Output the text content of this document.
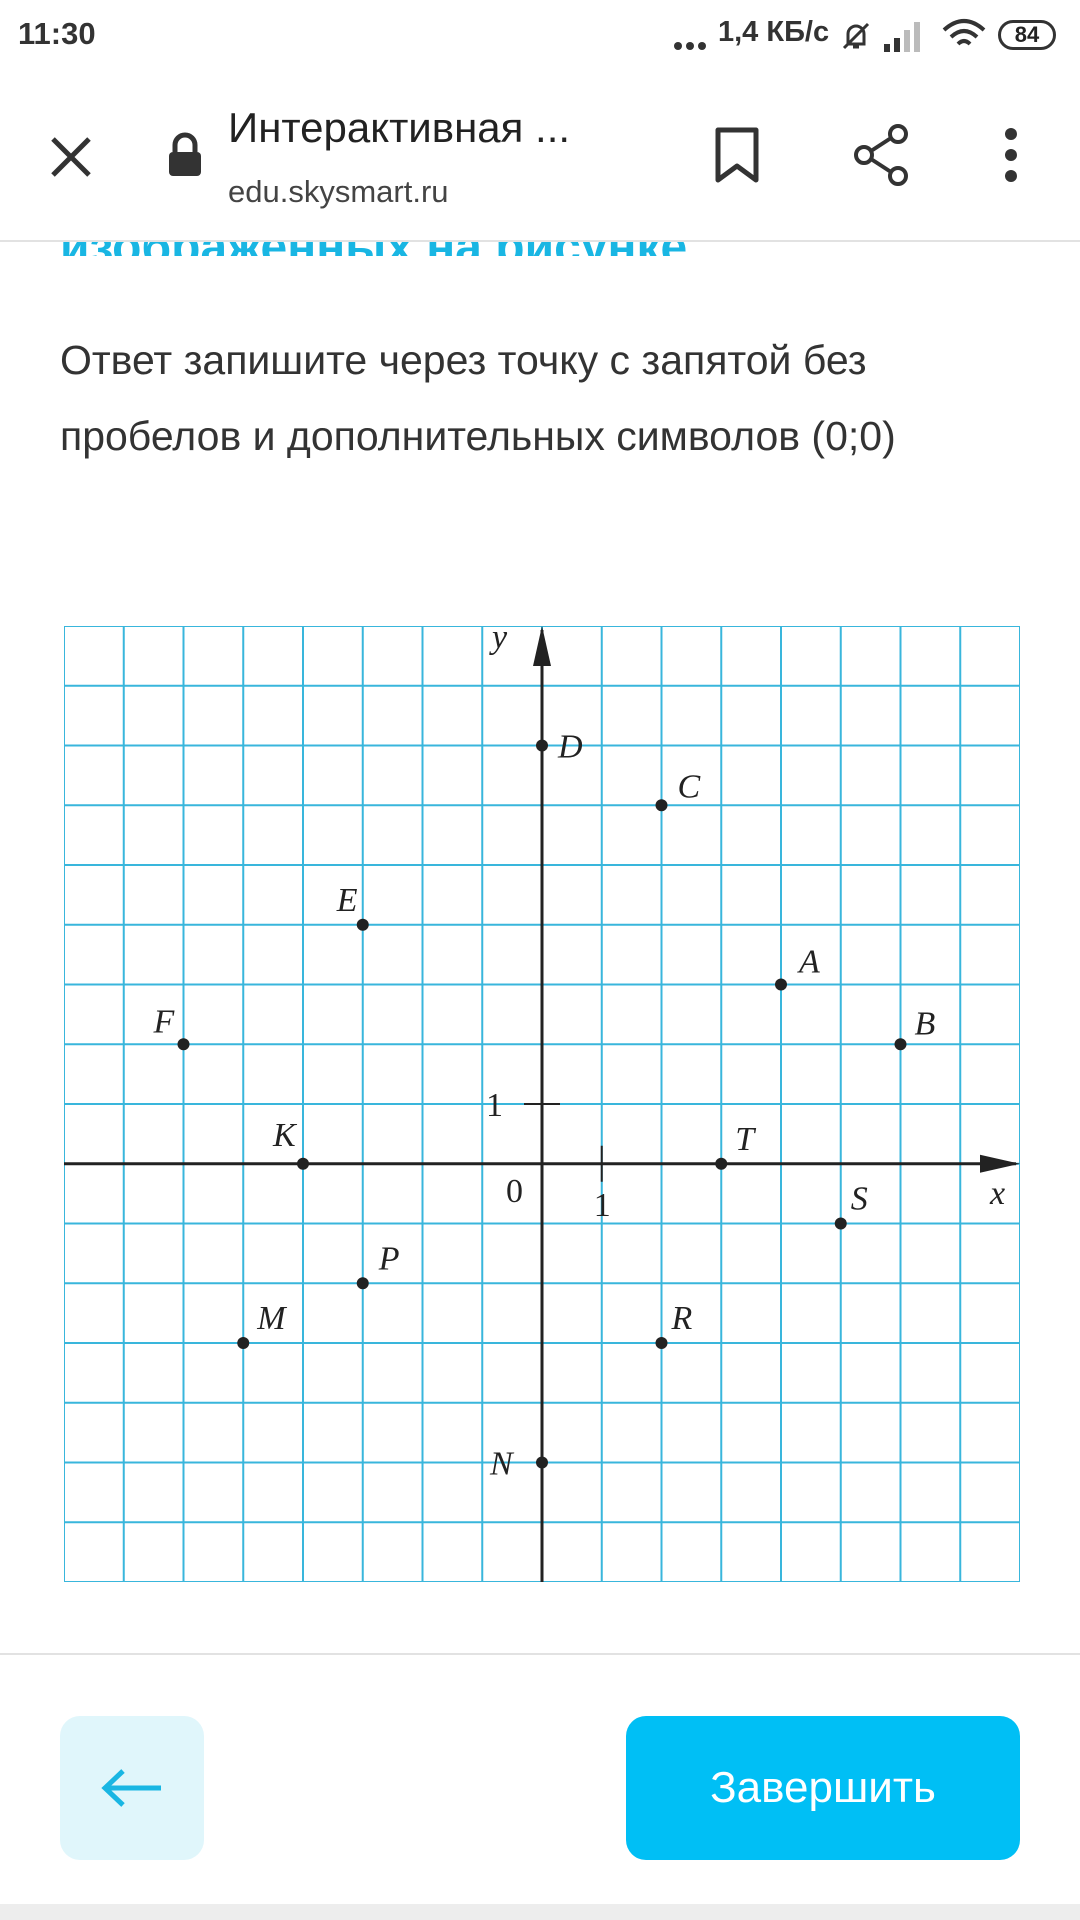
11:30	1,4 КБ/с	84
Интерактивная ...
edu.skysmart.ru
Ответ запишите через точку с запятой без пробелов и дополнительных символов (0;0)
x
y
0 1
1
D
C
E
A
F	B
K	T
S
P
M	R
N
Завершить
